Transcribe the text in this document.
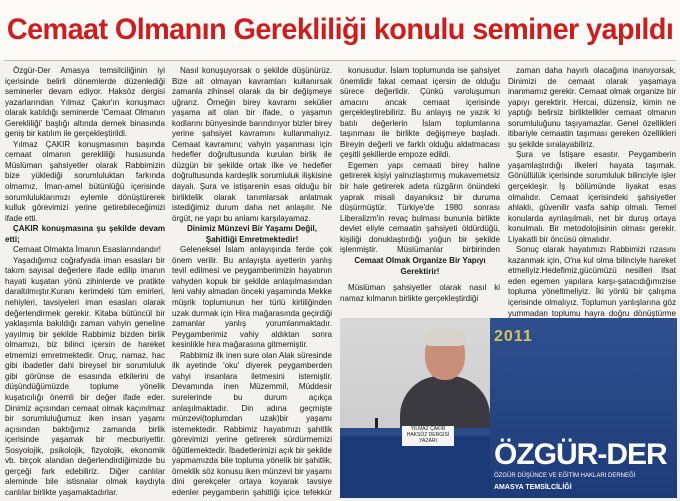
Cemaat Olmanın Gerekliliği konulu seminer yapıldı

Özgür-Der Amasya temsilciliğinin iyi içerisinde belirli dönemlerde düzenlediği seminerler devam ediyor. Haksöz dergisi yazarlarından Yılmaz Çakır'ın konuşmacı olarak katıldığı seminerde 'Cemaat Olmanın Gerekliliği' başlığı altında dernek binasında geniş bir katılım ile gerçekleştirildi.

Yılmaz ÇAKIR konuşmasının başında cemaat olmanın gerekliliği hususunda Müslüman şahsiyetler olarak Rabbimizin bize yüklediği sorumluluktan farkında olmamız, İman-amel bütünlüğü içerisinde sorumluluklarımızı eylemle dönüştürerek kulluk görevimizi yerine getirebileceğimizi ifade etti.

ÇAKIR konuşmasına şu şekilde devam etti;

Cemaat Olmakta İmanın Esaslarındandır!

Yaşadığımız coğrafyada iman esasları bir takım sayısal değerlere ifade edilip imanın hayati kuşatan yönü zihinlerde ve pratikte daraltılmıştır.Kuranı kerimdeki tüm emirleri, nehiyleri, tavsiyeleri iman esasları olarak değerlendirmek gerekir. Kitaba bütüncül bir yaklaşımla bakıldığı zaman vahyin geneline yayılmış bir şekilde Rabbimiz bizden birlik olmamızı, biz bilinci içersin de hareket etmemizi emretmektedir. Oruç, namaz, hac gibi ibadetler dahi bireysel bir sorumluluk gibi görünse de esasında etkilerini de düşündüğümüzde toplume yönelik kuşatıcılığı önemli bir değer ifade eder. Dinimiz açısından cemaat olmak kaçınılmaz bir sorumluluğumuz iken insan yaşamı açısından baktığımız zamanda birlik içerisinde yaşamak bir mecburiyettir. Sosyolojik, psikolojik, fizyolojik, ekonomik vb. birçok alandan değerlendirdiğimizde bu gerçeği fark edebiliriz. Diğer canlılar aleminde bile istisnalar olmak kaydıyla canlılar birlikte yaşamaktadırlar.

Nasıl konuşuyorsak o şekilde düşünürüz. Bize ait olmayan kavramları kullanırsak zamanla zihinsel olarak da bir değişmeye uğrarız. Örneğin birey kavramı sekülier yaşama ait olan bir ifade, o yaşamın kodlarını bünyesinde barındırıyor bizler birey yerine şahsiyet kavramını kullanmalıyız. Cemaat kavramını; vahyin yaşanması için hedefler doğrultusunda kurulan birlik ile düzgün bir şekilde ortak ilke ve hedefler doğrultusunda kardeşlik sorumluluk ilişkisine dayalı. Şura ve istişarenin esas olduğu bir birliktelik olarak tanımlarsak anlatmak istediğimiz durum daha net anlaşılır. Ne örgüt, ne yapı bu anlamı karşılayamaz.

Dinimiz Münzevi Bir Yaşamı Değil, Şahitliği Emretmektedir!

Geleneksel İslam anlayışında ferde çok önem verilir. Bu anlayışta ayetlerin yanlış tevil edilmesi ve peygamberimizin hayatının vahyden kopuk bir şekilde anlaşılmasından leni vahiy almadan önceki yaşamında Mekke müşrik toplumunun her türlü kirliliğinden uzak durmak için Hira mağarasında geçirdiği zamanlar yanlış yorumlanmaktadır. Peygamberimiz vahiy aldıktan sonra kesinlikle hira mağarasına gitmemiştir.

Rabbimiz ilk inen sure olan Alak süresinde ilk ayetinde 'oku' diyerek peygamberden vahyi insanlara iletmesini istemiştir. Devamında inen Müzemmil, Müddesir surelerinde bu durum açıkça anlaşılmaktadır. Din adına geçmişte münzevi(toplumdan uzak)bir yaşamı istemektedir. Rabbimiz hayatımızı şahitlik görevimizi yerine getirerek sürdürmemizi öğütlemektedir. İbadetlerimizi açık bir şekilde yapmamızda bile topluma yönelik bir şahitlik, örneklik söz konusu iken münzevi bir yaşamı dini gerekçeler ortaya koyarak tavsiye edenler peygamberin şahitliği içice tefekkür

konusudur. İslam toplumunda ise şahsiyet önemlidir fakat cemaat içersin de olduğu sürece değerlidir. Çünkü varoluşumun amacını ancak cemaat içerisinde gerçekleştirebiliriz. Bu anlayış ne yazık ki batılı değerlerin İslam toplumlarına taşınması ile birlikte değişmeye başladı. Bireyin değerli ve farklı olduğu aldatmacası çeşitli şekillerde empoze edildi.

Egemen yapı cemaati birey haline getirerek kişiyi yalnızlaştırmış mukavemetsiz bir hale getirerek adeta rüzgârın önündeki yaprak misali dayanıksız bir duruma düşürmüştür. Türkiye'de 1980 sonrası Liberalizm'in revaç bulması bununla birlikte devlet eliyle cemaatin şahsiyeti öldürdüğü, kişiliği donuklaştırdığı yoğun bir şekilde işlenmiştir. Müslümanlar birbirinden

Cemaat Olmak Organize Bir Yapıyı Gerektirir!

Müslüman şahsiyetler olarak nasıl ki namaz kılmanın birlikte gerçekleştirdiği

zaman daha hayırlı olacağına inanıyorsak, Dinimizi de cemaat olarak yaşamaya inanmamız gerekir. Cemaat olmak organize bir yapıyı gerektirir. Hercai, düzensiz, kimin ne yaptığı belirsiz birliktelikler cemaat olmanın sorumluluğunu taşıyamazlar. Genel özellikleri itibariyle cemaatin taşıması gereken özellikleri şu şekilde sıralayabiliriz.

Şura ve İstişare esastır. Peygamberin yaşamlaştırdığı ilkeleri hayata taşımak. Gönüllülük içerisinde sorumluluk bilinciyle işler gerçekleşir. İş bölümünde liyakat esas olmalıdır. Cemaat içerisindeki şahsiyetler ahlaklı, güvenilir vasfa sahip olmalı. Temel konularda ayrılaşılmalı, net bir duruş ortaya konulmalı. Bir metodolojisinin olması gerekir. Liyakatli bir öncüsü olmalıdır.

Sonuç olarak hayatımızı Rabbimizi rızasını kazanmak için, O'na kul olma bilinciyle hareket etmeliyiz.Hedefimiz,gücümüzü nesilleri ifsat eden egemen yapılara karşı-şatacıdığımızise topluma yöneltmeliyiz. İki yönlü bir çalışma içerisinde olmalıyız. Toplumun yanlışlarına göz yummadan toplumu hayra doğru dönüştürme

YILMAZ ÇAKIR HAKSÖZ DERGİSİ YAZARI
2011
ÖZGÜR-DER
ÖZGÜR DÜŞÜNCE VE EĞİTİM HAKLARI DERNEĞİ
AMASYA TEMSİLCİLİĞİ
